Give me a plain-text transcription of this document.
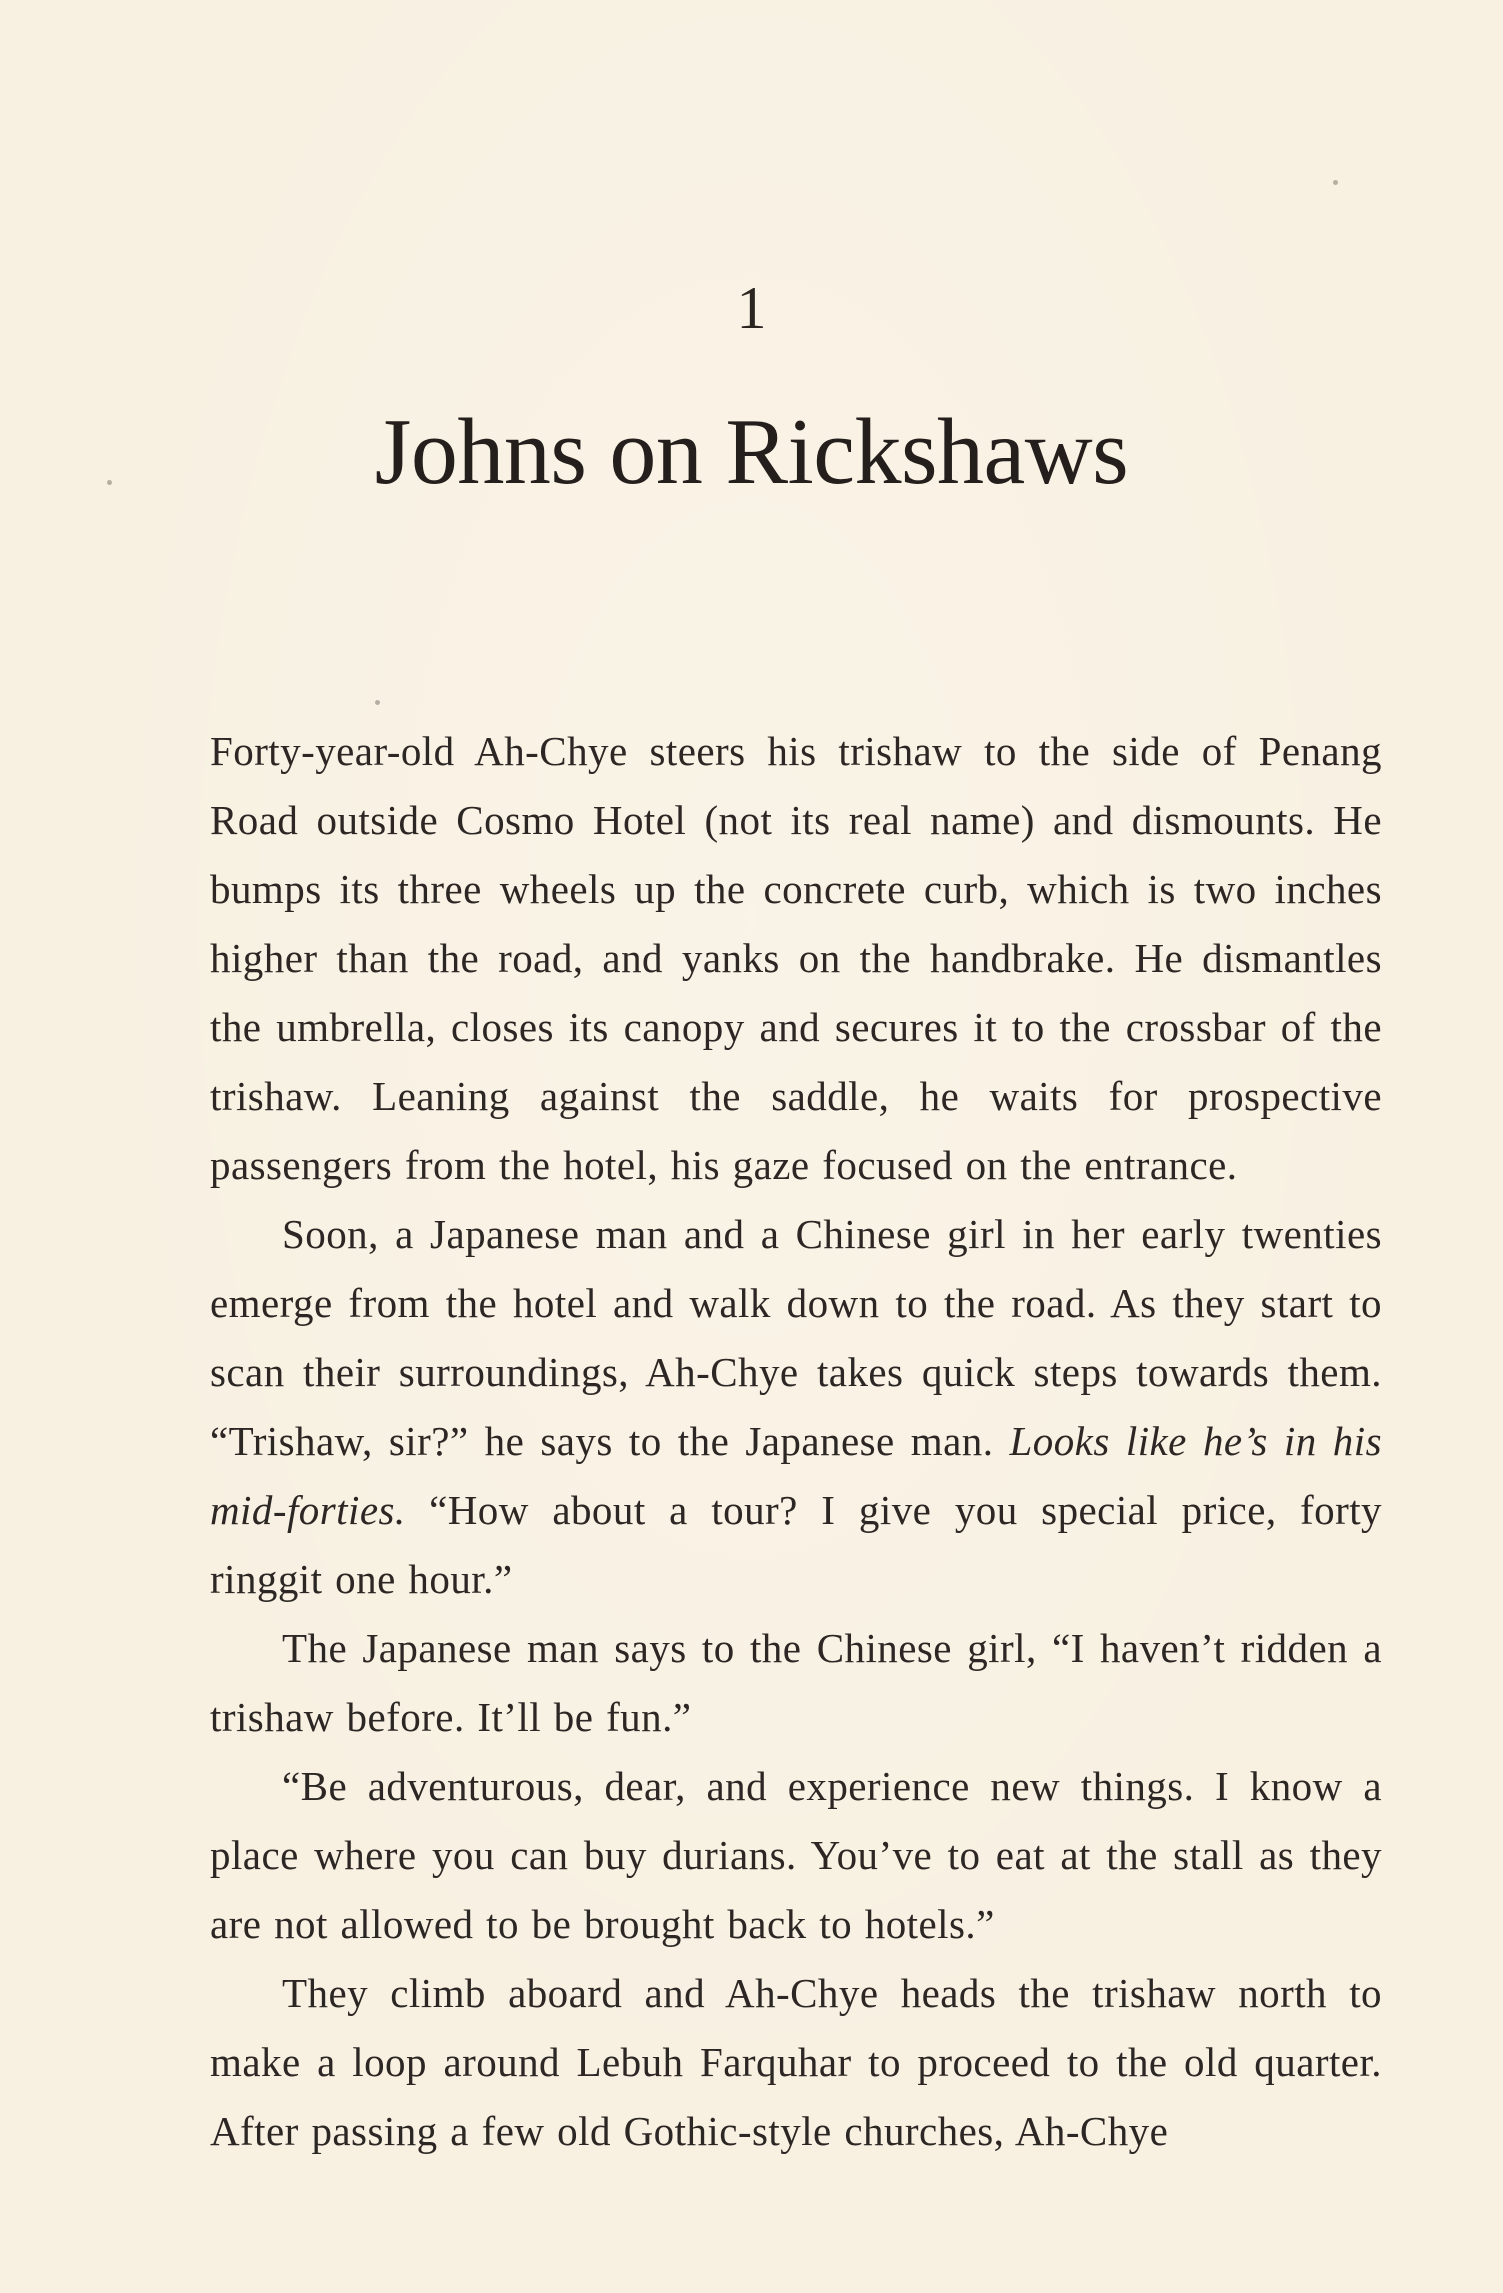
1
Johns on Rickshaws

Forty-year-old Ah-Chye steers his trishaw to the side of Penang Road outside Cosmo Hotel (not its real name) and dismounts. He bumps its three wheels up the concrete curb, which is two inches higher than the road, and yanks on the handbrake. He dismantles the umbrella, closes its canopy and secures it to the crossbar of the trishaw. Leaning against the saddle, he waits for prospective passengers from the hotel, his gaze focused on the entrance.

Soon, a Japanese man and a Chinese girl in her early twenties emerge from the hotel and walk down to the road. As they start to scan their surroundings, Ah-Chye takes quick steps towards them. “Trishaw, sir?” he says to the Japanese man. Looks like he’s in his mid-forties. “How about a tour? I give you special price, forty ringgit one hour.”

The Japanese man says to the Chinese girl, “I haven’t ridden a trishaw before. It’ll be fun.”

“Be adventurous, dear, and experience new things. I know a place where you can buy durians. You’ve to eat at the stall as they are not allowed to be brought back to hotels.”

They climb aboard and Ah-Chye heads the trishaw north to make a loop around Lebuh Farquhar to proceed to the old quarter. After passing a few old Gothic-style churches, Ah-Chye
